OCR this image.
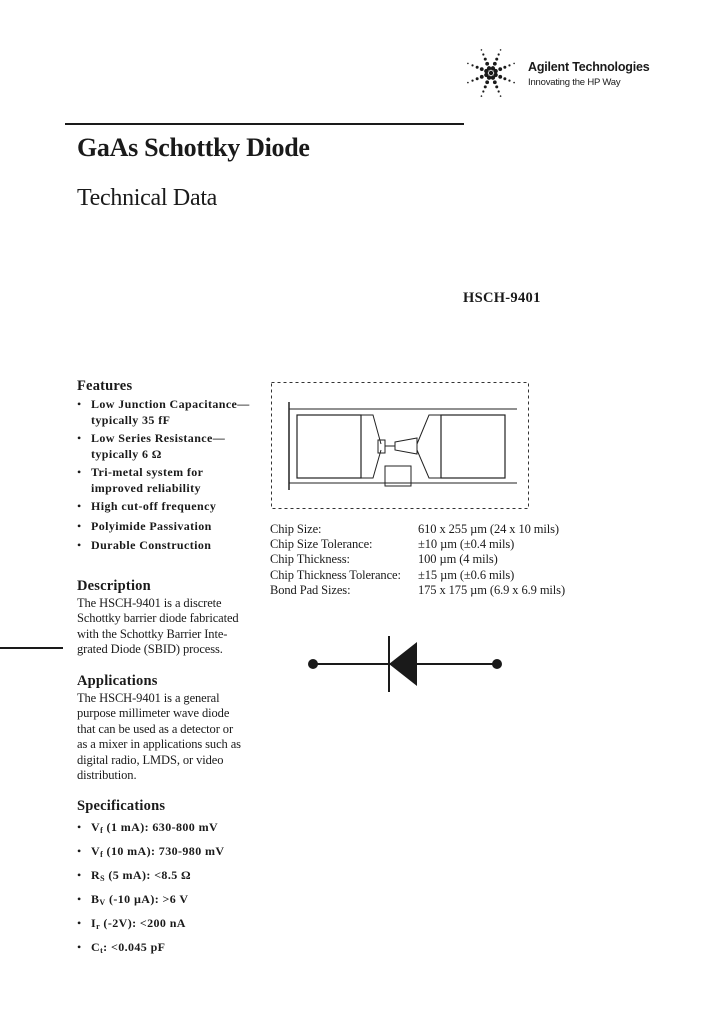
Agilent Technologies
Innovating the HP Way
GaAs Schottky Diode
Technical Data
HSCH-9401
Features
• Low Junction Capacitance—
typically 35 fF
• Low Series Resistance—
typically 6 Ω
• Tri-metal system for
improved reliability
• High cut-off frequency
• Polyimide Passivation
• Durable Construction
Description

The HSCH-9401 is a discrete
Schottky barrier diode fabricated
with the Schottky Barrier Inte-
grated Diode (SBID) process.

Applications

The HSCH-9401 is a general
purpose millimeter wave diode
that can be used as a detector or
as a mixer in applications such as
digital radio, LMDS, or video
distribution.

Specifications
• $V_f$ (1 mA): 630-800 mV
• $V_f$ (10 mA): 730-980 mV
• $R_S$ (5 mA): <8.5 Ω
• $B_V$ (-10 µA): >6 V
• $I_r$ (-2V): <200 nA
• $C_t$: <0.045 pF
Chip Size:	610 x 255 µm (24 x 10 mils)
Chip Size Tolerance:	±10 µm (±0.4 mils)
Chip Thickness:	100 µm (4 mils)
Chip Thickness Tolerance:	±15 µm (±0.6 mils)
Bond Pad Sizes:	175 x 175 µm (6.9 x 6.9 mils)
